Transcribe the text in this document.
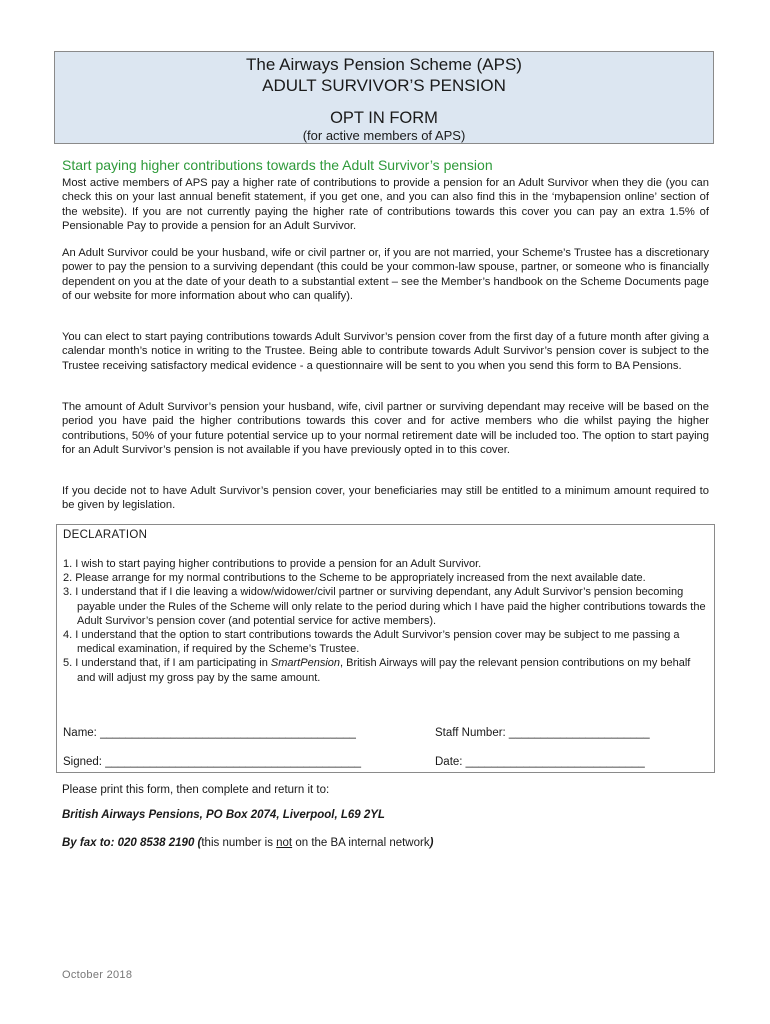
The Airways Pension Scheme (APS)
ADULT SURVIVOR’S PENSION
OPT IN FORM
(for active members of APS)
Start paying higher contributions towards the Adult Survivor’s pension

Most active members of APS pay a higher rate of contributions to provide a pension for an Adult Survivor when they die (you can check this on your last annual benefit statement, if you get one, and you can also find this in the ‘mybapension online’ section of the website). If you are not currently paying the higher rate of contributions towards this cover you can pay an extra 1.5% of Pensionable Pay to provide a pension for an Adult Survivor.

An Adult Survivor could be your husband, wife or civil partner or, if you are not married, your Scheme’s Trustee has a discretionary power to pay the pension to a surviving dependant (this could be your common-law spouse, partner, or someone who is financially dependent on you at the date of your death to a substantial extent – see the Member’s handbook on the Scheme Documents page of our website for more information about who can qualify).

You can elect to start paying contributions towards Adult Survivor’s pension cover from the first day of a future month after giving a calendar month’s notice in writing to the Trustee. Being able to contribute towards Adult Survivor’s pension cover is subject to the Trustee receiving satisfactory medical evidence - a questionnaire will be sent to you when you send this form to BA Pensions.

The amount of Adult Survivor’s pension your husband, wife, civil partner or surviving dependant may receive will be based on the period you have paid the higher contributions towards this cover and for active members who die whilst paying the higher contributions, 50% of your future potential service up to your normal retirement date will be included too. The option to start paying for an Adult Survivor’s pension is not available if you have previously opted in to this cover.

If you decide not to have Adult Survivor’s pension cover, your beneficiaries may still be entitled to a minimum amount required to be given by legislation.

DECLARATION
1. I wish to start paying higher contributions to provide a pension for an Adult Survivor.
2. Please arrange for my normal contributions to the Scheme to be appropriately increased from the next available date.
3. I understand that if I die leaving a widow/widower/civil partner or surviving dependant, any Adult Survivor’s pension becoming payable under the Rules of the Scheme will only relate to the period during which I have paid the higher contributions towards the Adult Survivor’s pension cover (and potential service for active members).
4. I understand that the option to start contributions towards the Adult Survivor’s pension cover may be subject to me passing a medical examination, if required by the Scheme’s Trustee.
5. I understand that, if I am participating in SmartPension, British Airways will pay the relevant pension contributions on my behalf and will adjust my gross pay by the same amount.
Name: ________________________________________	Staff Number: ______________________
Signed: ________________________________________	Date: ____________________________
Please print this form, then complete and return it to:
British Airways Pensions, PO Box 2074, Liverpool, L69 2YL
By fax to: 020 8538 2190 (this number is not on the BA internal network)
October 2018
